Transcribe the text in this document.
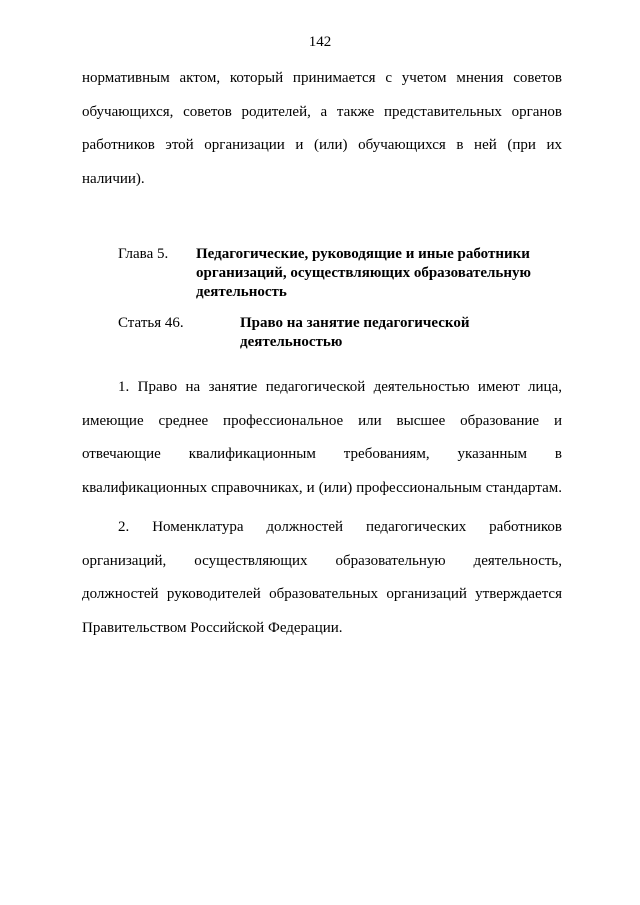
142
нормативным актом, который принимается с учетом мнения советов
обучающихся, советов родителей, а также представительных органов
работников этой организации и (или) обучающихся в ней (при их
наличии).
Глава 5. Педагогические, руководящие и иные работники
организаций, осуществляющих образовательную
деятельность
Статья 46.	Право на занятие педагогической
деятельностью
1. Право на занятие педагогической деятельностью имеют лица,
имеющие среднее профессиональное или высшее образование и
отвечающие квалификационным требованиям, указанным в
квалификационных справочниках, и (или) профессиональным стандартам.
2. Номенклатура должностей педагогических работников
организаций, осуществляющих образовательную деятельность,
должностей руководителей образовательных организаций утверждается
Правительством Российской Федерации.
